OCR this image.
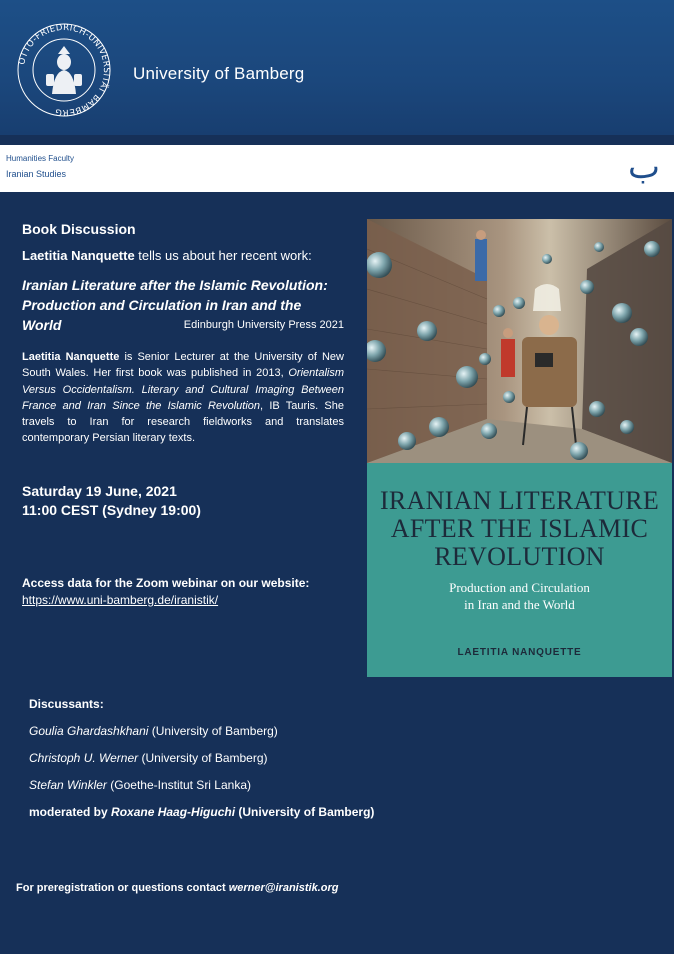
OTTO-FRIEDRICH-UNIVERSITÄT BAMBERG
University of Bamberg
Humanities Faculty
Iranian Studies	ب
Book Discussion
Laetitia Nanquette tells us about her recent work:
Iranian Literature after the Islamic Revolution:
Production and Circulation in Iran and the World	Edinburgh University Press 2021
Laetitia Nanquette is Senior Lecturer at the University of New South Wales. Her first book was published in 2013, Orientalism Versus Occidentalism. Literary and Cultural Imaging Between France and Iran Since the Islamic Revolution, IB Tauris. She travels to Iran for research fieldworks and translates contemporary Persian literary texts.
Saturday 19 June, 2021
11:00 CEST (Sydney 19:00)
Access data for the Zoom webinar on our website:
https://www.uni-bamberg.de/iranistik/
Discussants:
Goulia Ghardashkhani (University of Bamberg)
Christoph U. Werner (University of Bamberg)
Stefan Winkler (Goethe-Institut Sri Lanka)
moderated by Roxane Haag-Higuchi (University of Bamberg)
For preregistration or questions contact werner@iranistik.org
IRANIAN LITERATURE
AFTER THE ISLAMIC
REVOLUTION
Production and Circulation
in Iran and the World
LAETITIA NANQUETTE
